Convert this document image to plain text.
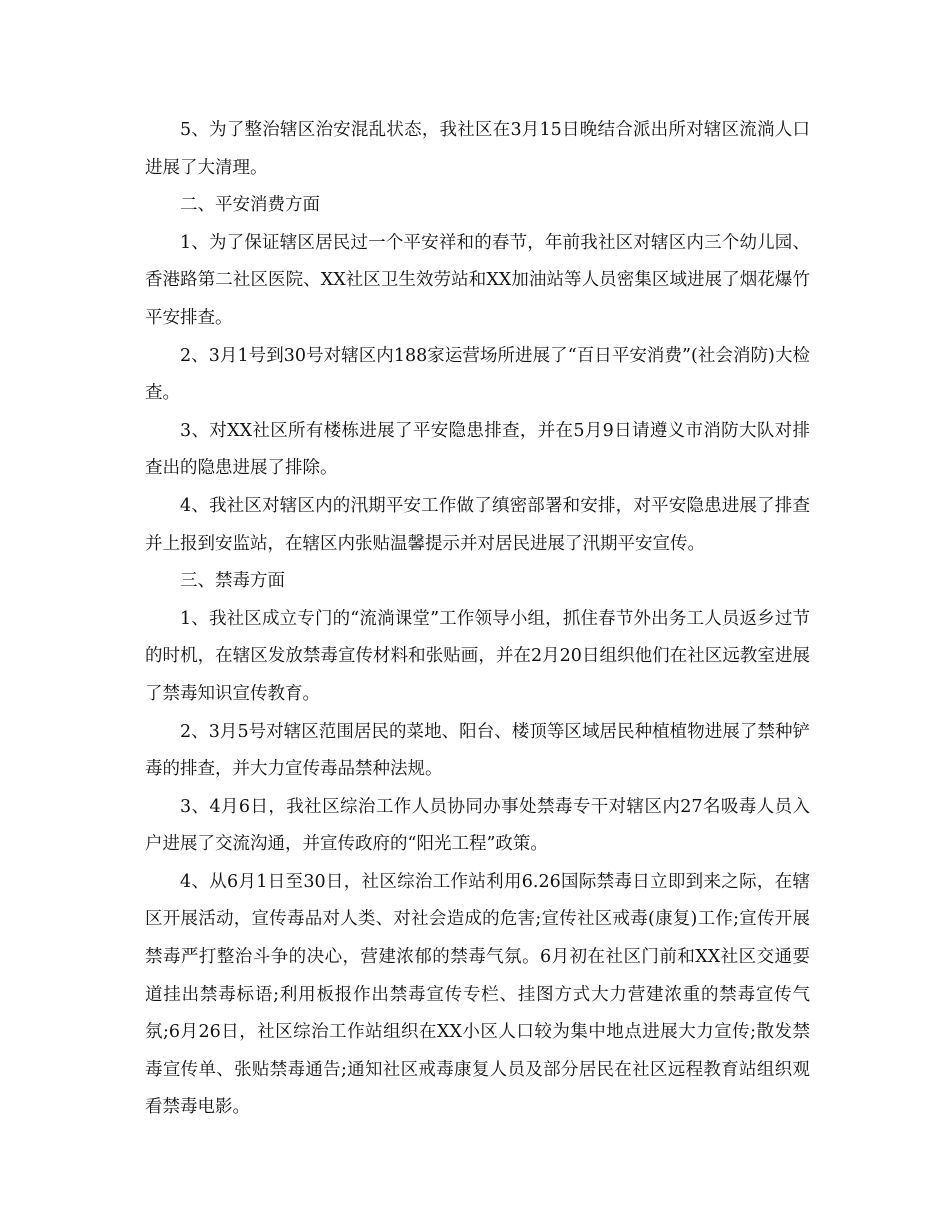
5、为了整治辖区治安混乱状态，我社区在3月15日晚结合派出所对辖区流淌人口进展了大清理。

二、平安消费方面

1、为了保证辖区居民过一个平安祥和的春节，年前我社区对辖区内三个幼儿园、香港路第二社区医院、XX社区卫生效劳站和XX加油站等人员密集区域进展了烟花爆竹平安排查。

2、3月1号到30号对辖区内188家运营场所进展了“百日平安消费”(社会消防)大检查。

3、对XX社区所有楼栋进展了平安隐患排查，并在5月9日请遵义市消防大队对排查出的隐患进展了排除。

4、我社区对辖区内的汛期平安工作做了缜密部署和安排，对平安隐患进展了排查并上报到安监站，在辖区内张贴温馨提示并对居民进展了汛期平安宣传。

三、禁毒方面

1、我社区成立专门的“流淌课堂”工作领导小组，抓住春节外出务工人员返乡过节的时机，在辖区发放禁毒宣传材料和张贴画，并在2月20日组织他们在社区远教室进展了禁毒知识宣传教育。

2、3月5号对辖区范围居民的菜地、阳台、楼顶等区域居民种植植物进展了禁种铲毒的排查，并大力宣传毒品禁种法规。

3、4月6日，我社区综治工作人员协同办事处禁毒专干对辖区内27名吸毒人员入户进展了交流沟通，并宣传政府的“阳光工程”政策。

4、从6月1日至30日，社区综治工作站利用6.26国际禁毒日立即到来之际，在辖区开展活动，宣传毒品对人类、对社会造成的危害;宣传社区戒毒(康复)工作;宣传开展禁毒严打整治斗争的决心，营建浓郁的禁毒气氛。6月初在社区门前和XX社区交通要道挂出禁毒标语;利用板报作出禁毒宣传专栏、挂图方式大力营建浓重的禁毒宣传气氛;6月26日，社区综治工作站组织在XX小区人口较为集中地点进展大力宣传;散发禁毒宣传单、张贴禁毒通告;通知社区戒毒康复人员及部分居民在社区远程教育站组织观看禁毒电影。
